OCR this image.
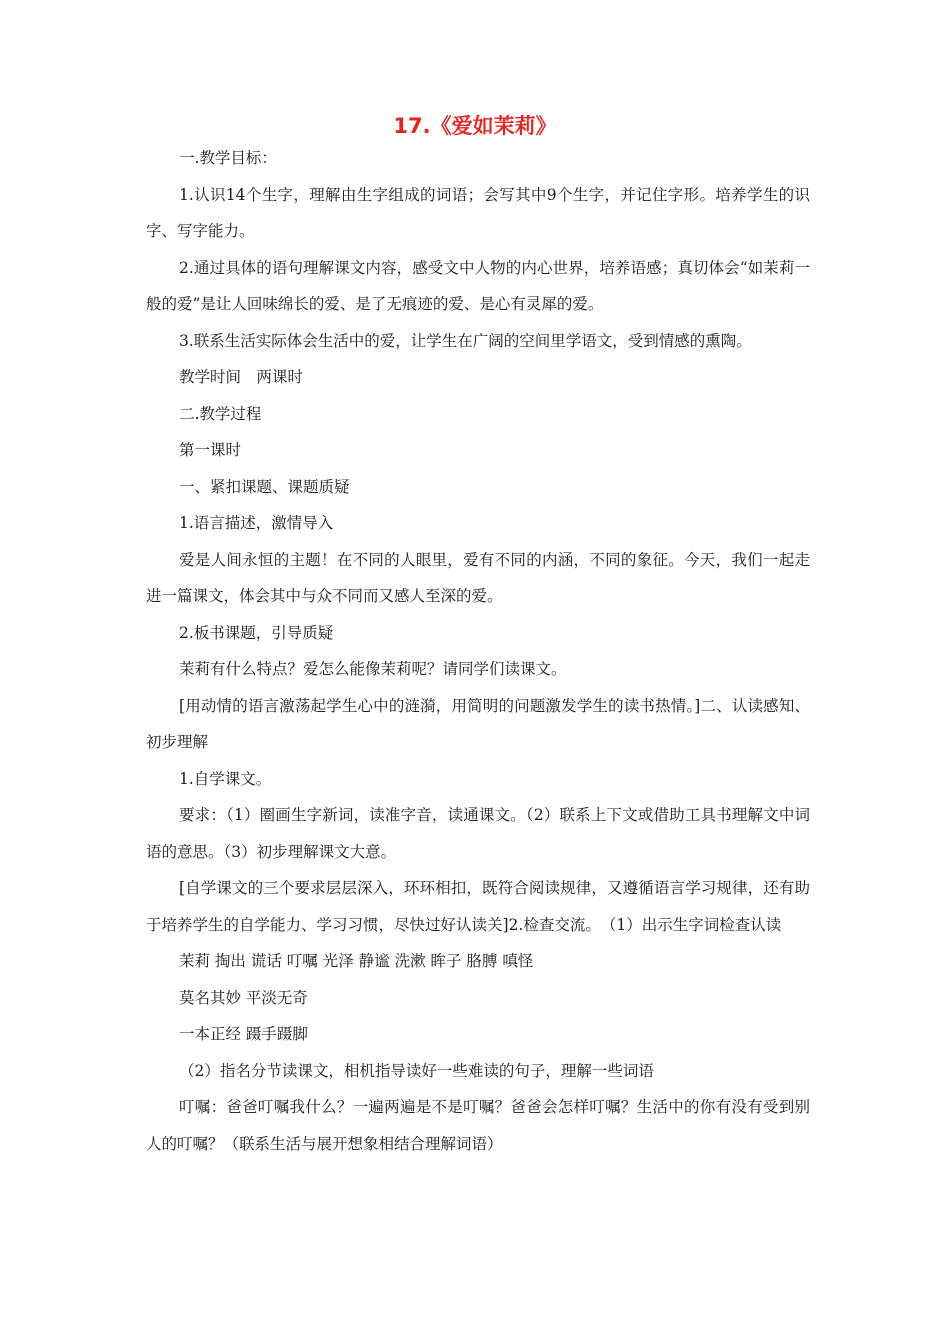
17.《爱如茉莉》

一.教学目标：

1.认识14个生字，理解由生字组成的词语；会写其中9个生字，并记住字形。培养学生的识字、写字能力。

2.通过具体的语句理解课文内容，感受文中人物的内心世界，培养语感；真切体会“如茉莉一般的爱”是让人回味绵长的爱、是了无痕迹的爱、是心有灵犀的爱。

3.联系生活实际体会生活中的爱，让学生在广阔的空间里学语文，受到情感的熏陶。

教学时间　两课时

二.教学过程

第一课时

一、紧扣课题、课题质疑

1.语言描述，激情导入

爱是人间永恒的主题！在不同的人眼里，爱有不同的内涵，不同的象征。今天，我们一起走进一篇课文，体会其中与众不同而又感人至深的爱。

2.板书课题，引导质疑

茉莉有什么特点？爱怎么能像茉莉呢？请同学们读课文。

[用动情的语言激荡起学生心中的涟漪，用简明的问题激发学生的读书热情。]二、认读感知、初步理解

1.自学课文。

要求：（1）圈画生字新词，读准字音，读通课文。（2）联系上下文或借助工具书理解文中词语的意思。（3）初步理解课文大意。

[自学课文的三个要求层层深入，环环相扣，既符合阅读规律，又遵循语言学习规律，还有助于培养学生的自学能力、学习习惯，尽快过好认读关]2.检查交流。　（1）出示生字词检查认读

茉莉 掏出 谎话 叮嘱 光泽 静谧 洗漱 眸子 胳膊 嗔怪

莫名其妙 平淡无奇

一本正经 蹑手蹑脚

（2）指名分节读课文，相机指导读好一些难读的句子，理解一些词语

叮嘱：爸爸叮嘱我什么？一遍两遍是不是叮嘱？爸爸会怎样叮嘱？生活中的你有没有受到别人的叮嘱？（联系生活与展开想象相结合理解词语）
